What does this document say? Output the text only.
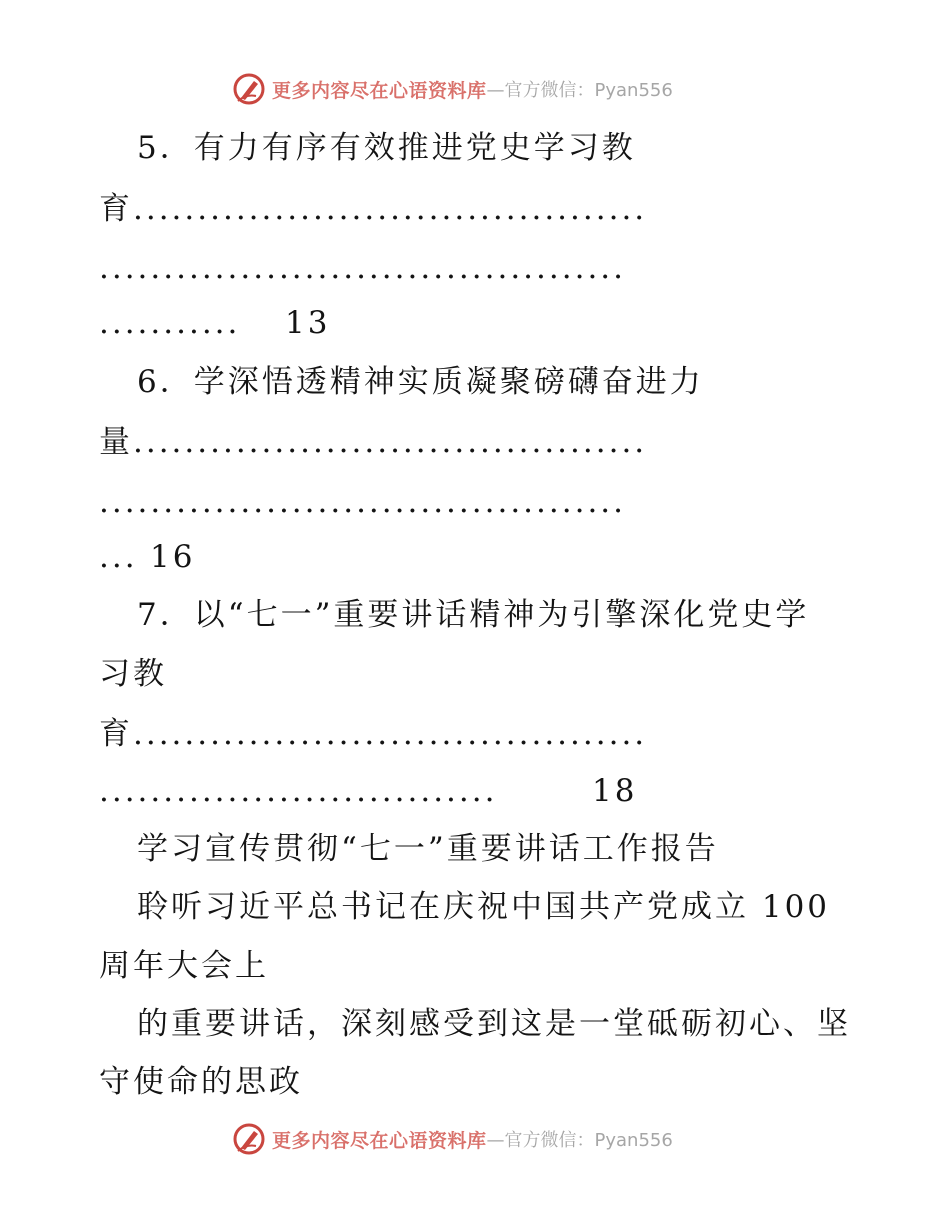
更多内容尽在心语资料库 —官方微信：Pyan556

5．有力有序有效推进党史学习教

育 ........................................

.........................................

...........	13

6．学深悟透精神实质凝聚磅礴奋进力

量 ........................................

.........................................

... 16

7．以“七一”重要讲话精神为引擎深化党史学

习教

育 ........................................

...............................	18

学习宣传贯彻“七一”重要讲话工作报告

聆听习近平总书记在庆祝中国共产党成立 100

周年大会上

的重要讲话，深刻感受到这是一堂砥砺初心、坚

守使命的思政

更多内容尽在心语资料库 —官方微信：Pyan556
